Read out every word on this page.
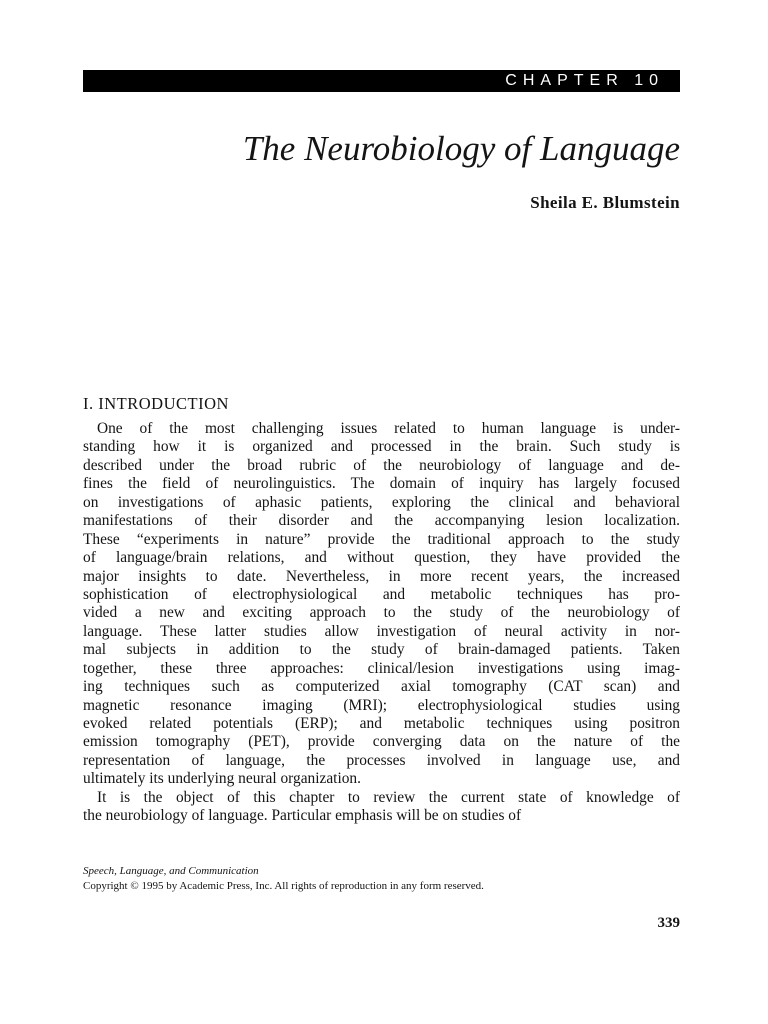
CHAPTER 10
The Neurobiology of Language
Sheila E. Blumstein
I. INTRODUCTION
One of the most challenging issues related to human language is under-
standing how it is organized and processed in the brain. Such study is
described under the broad rubric of the neurobiology of language and de-
fines the field of neurolinguistics. The domain of inquiry has largely focused
on investigations of aphasic patients, exploring the clinical and behavioral
manifestations of their disorder and the accompanying lesion localization.
These “experiments in nature” provide the traditional approach to the study
of language/brain relations, and without question, they have provided the
major insights to date. Nevertheless, in more recent years, the increased
sophistication of electrophysiological and metabolic techniques has pro-
vided a new and exciting approach to the study of the neurobiology of
language. These latter studies allow investigation of neural activity in nor-
mal subjects in addition to the study of brain-damaged patients. Taken
together, these three approaches: clinical/lesion investigations using imag-
ing techniques such as computerized axial tomography (CAT scan) and
magnetic resonance imaging (MRI); electrophysiological studies using
evoked related potentials (ERP); and metabolic techniques using positron
emission tomography (PET), provide converging data on the nature of the
representation of language, the processes involved in language use, and
ultimately its underlying neural organization.
It is the object of this chapter to review the current state of knowledge of
the neurobiology of language. Particular emphasis will be on studies of
Speech, Language, and Communication
Copyright © 1995 by Academic Press, Inc. All rights of reproduction in any form reserved.
339
